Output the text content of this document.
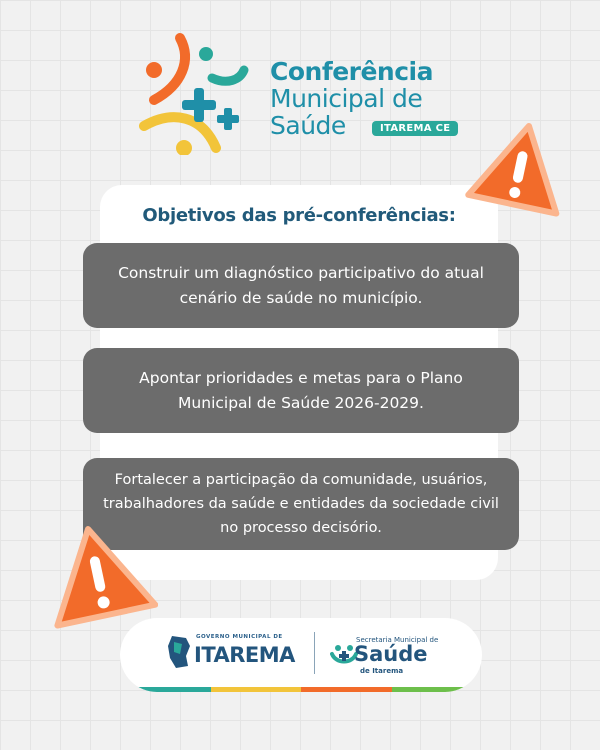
Conferência
Municipal de
Saúde	ITAREMA CE
Objetivos das pré-conferências:
Construir um diagnóstico participativo do atual cenário de saúde no município.
Apontar prioridades e metas para o Plano Municipal de Saúde 2026-2029.
Fortalecer a participação da comunidade, usuários, trabalhadores da saúde e entidades da sociedade civil no processo decisório.
GOVERNO MUNICIPAL DE
ITAREMA
Secretaria Municipal de
Saúde
de Itarema
